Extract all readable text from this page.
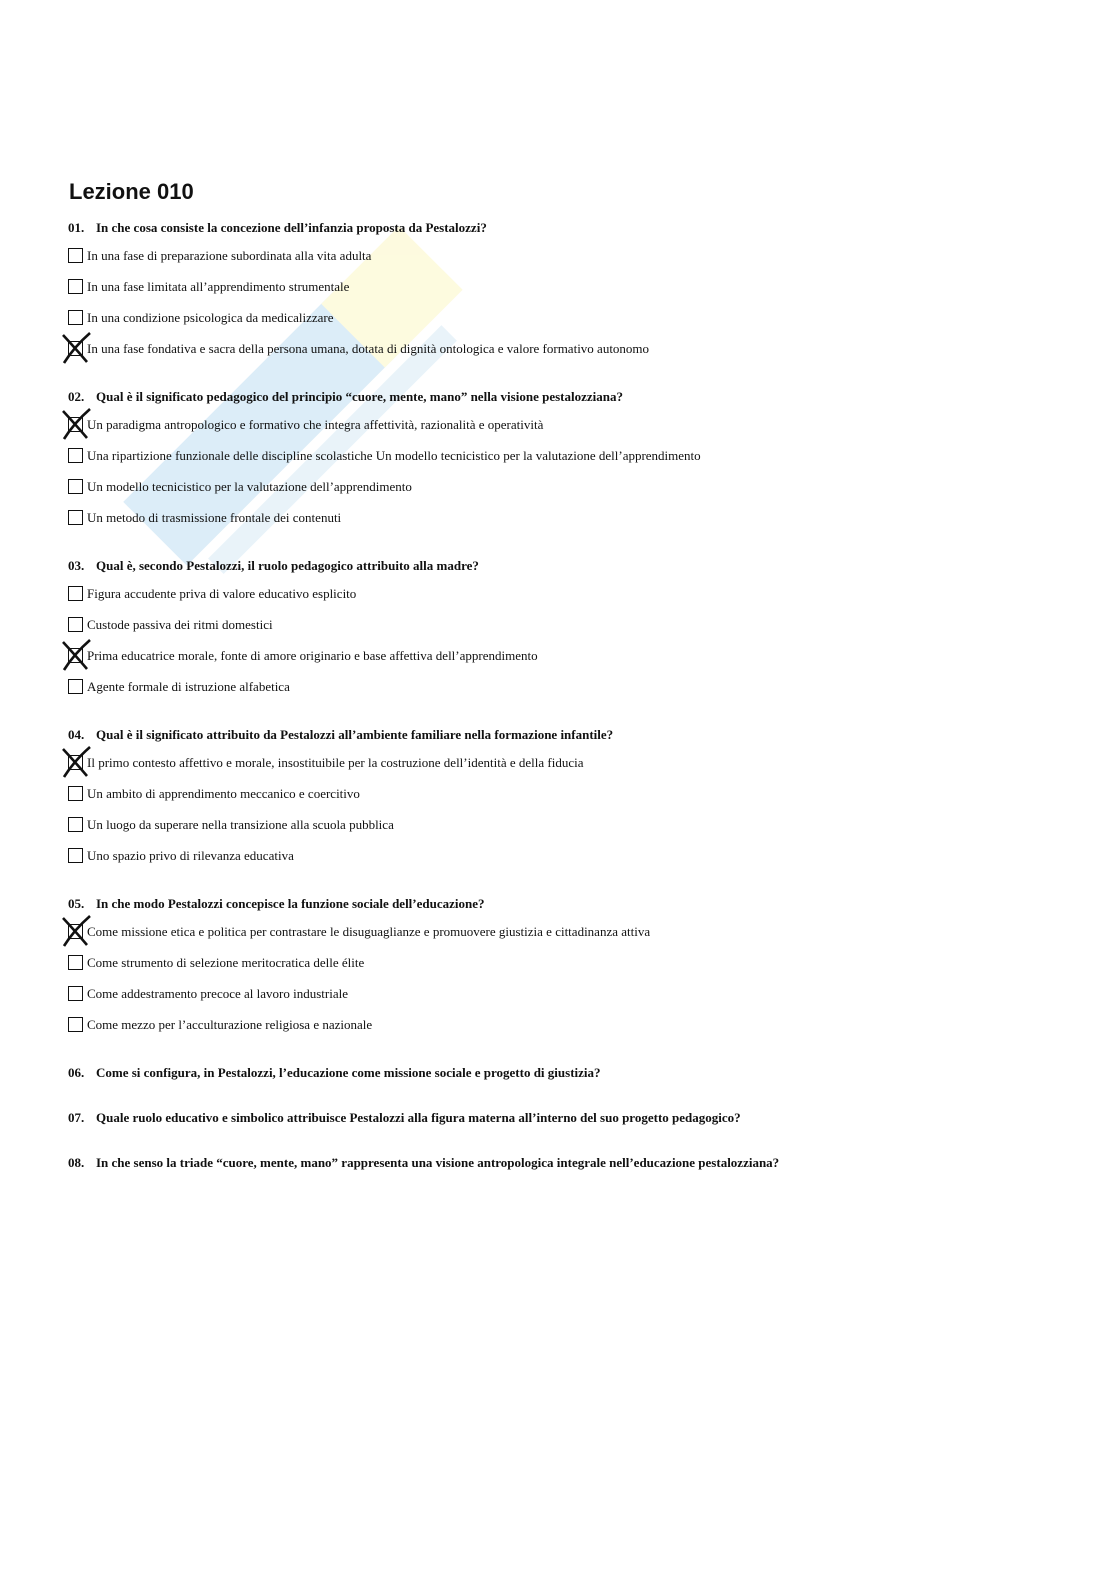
Lezione 010
01. In che cosa consiste la concezione dell’infanzia proposta da Pestalozzi?
In una fase di preparazione subordinata alla vita adulta
In una fase limitata all’apprendimento strumentale
In una condizione psicologica da medicalizzare
In una fase fondativa e sacra della persona umana, dotata di dignità ontologica e valore formativo autonomo
02. Qual è il significato pedagogico del principio “cuore, mente, mano” nella visione pestalozziana?
Un paradigma antropologico e formativo che integra affettività, razionalità e operatività
Una ripartizione funzionale delle discipline scolastiche Un modello tecnicistico per la valutazione dell’apprendimento
Un modello tecnicistico per la valutazione dell’apprendimento
Un metodo di trasmissione frontale dei contenuti
03. Qual è, secondo Pestalozzi, il ruolo pedagogico attribuito alla madre?
Figura accudente priva di valore educativo esplicito
Custode passiva dei ritmi domestici
Prima educatrice morale, fonte di amore originario e base affettiva dell’apprendimento
Agente formale di istruzione alfabetica
04. Qual è il significato attribuito da Pestalozzi all’ambiente familiare nella formazione infantile?
Il primo contesto affettivo e morale, insostituibile per la costruzione dell’identità e della fiducia
Un ambito di apprendimento meccanico e coercitivo
Un luogo da superare nella transizione alla scuola pubblica
Uno spazio privo di rilevanza educativa
05. In che modo Pestalozzi concepisce la funzione sociale dell’educazione?
Come missione etica e politica per contrastare le disuguaglianze e promuovere giustizia e cittadinanza attiva
Come strumento di selezione meritocratica delle élite
Come addestramento precoce al lavoro industriale
Come mezzo per l’acculturazione religiosa e nazionale
06. Come si configura, in Pestalozzi, l’educazione come missione sociale e progetto di giustizia?
07. Quale ruolo educativo e simbolico attribuisce Pestalozzi alla figura materna all’interno del suo progetto pedagogico?
08. In che senso la triade “cuore, mente, mano” rappresenta una visione antropologica integrale nell’educazione pestalozziana?
